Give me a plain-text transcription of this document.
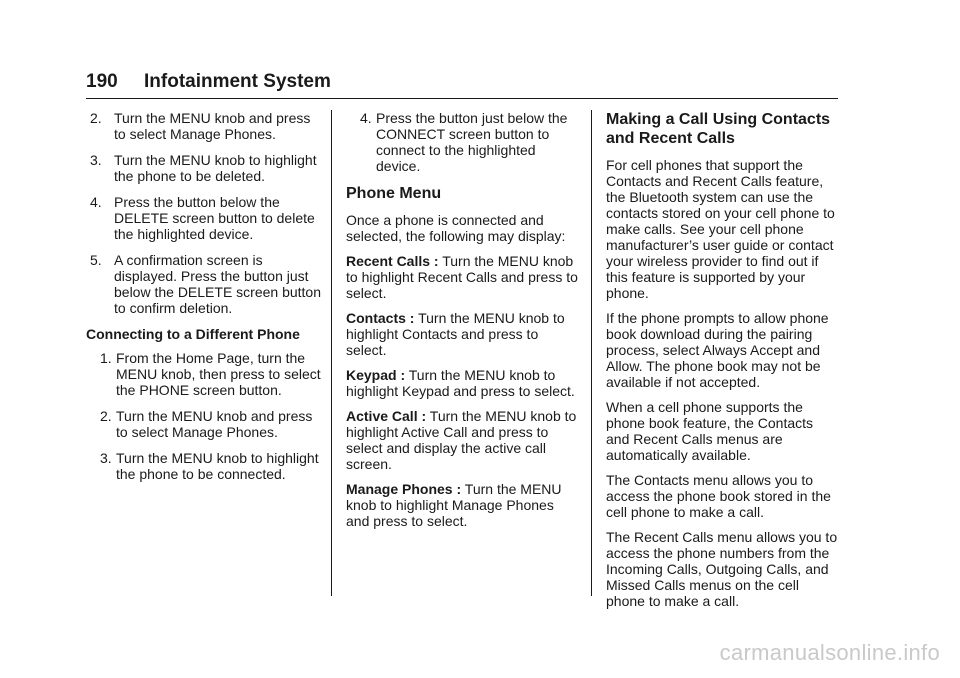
190 Infotainment System
2. Turn the MENU knob and press to select Manage Phones.
3. Turn the MENU knob to highlight the phone to be deleted.
4. Press the button below the DELETE screen button to delete the highlighted device.
5. A confirmation screen is displayed. Press the button just below the DELETE screen button to confirm deletion.
Connecting to a Different Phone
1. From the Home Page, turn the MENU knob, then press to select the PHONE screen button.
2. Turn the MENU knob and press to select Manage Phones.
3. Turn the MENU knob to highlight the phone to be connected.
4. Press the button just below the CONNECT screen button to connect to the highlighted device.
Phone Menu
Once a phone is connected and selected, the following may display:
Recent Calls : Turn the MENU knob to highlight Recent Calls and press to select.
Contacts : Turn the MENU knob to highlight Contacts and press to select.
Keypad : Turn the MENU knob to highlight Keypad and press to select.
Active Call : Turn the MENU knob to highlight Active Call and press to select and display the active call screen.
Manage Phones : Turn the MENU knob to highlight Manage Phones and press to select.
Making a Call Using Contacts and Recent Calls
For cell phones that support the Contacts and Recent Calls feature, the Bluetooth system can use the contacts stored on your cell phone to make calls. See your cell phone manufacturer’s user guide or contact your wireless provider to find out if this feature is supported by your phone.
If the phone prompts to allow phone book download during the pairing process, select Always Accept and Allow. The phone book may not be available if not accepted.
When a cell phone supports the phone book feature, the Contacts and Recent Calls menus are automatically available.
The Contacts menu allows you to access the phone book stored in the cell phone to make a call.
The Recent Calls menu allows you to access the phone numbers from the Incoming Calls, Outgoing Calls, and Missed Calls menus on the cell phone to make a call.
carmanualsonline.info
